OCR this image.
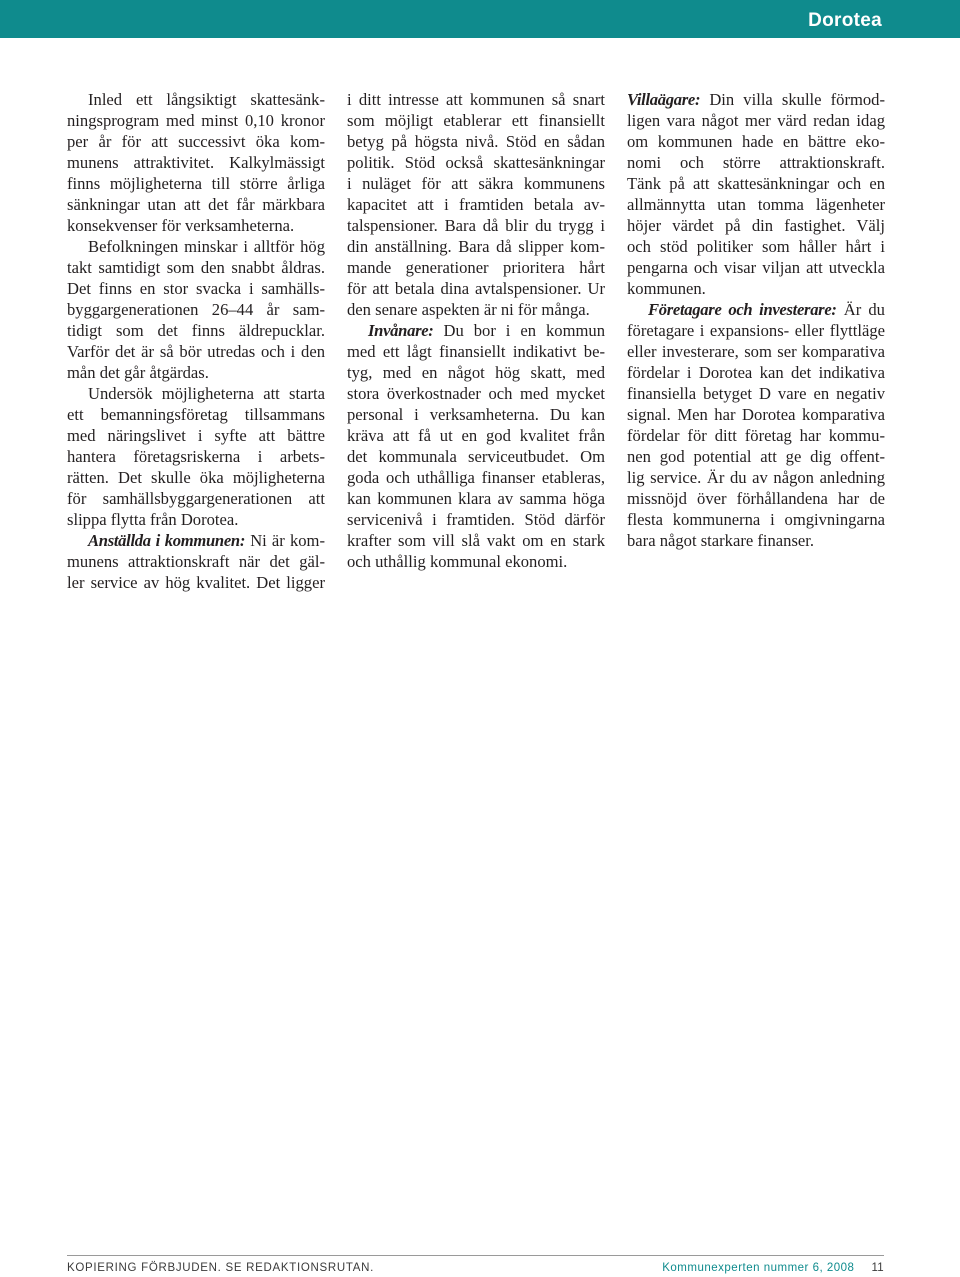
Dorotea
Inled ett långsiktigt skattesänk-
ningsprogram med minst 0,10 kronor
per år för att successivt öka kom-
munens attraktivitet. Kalkylmässigt
finns möjligheterna till större årliga
sänkningar utan att det får märkbara
konsekvenser för verksamheterna.
Befolkningen minskar i alltför hög
takt samtidigt som den snabbt åldras.
Det finns en stor svacka i samhälls-
byggargenerationen 26–44 år sam-
tidigt som det finns äldrepucklar.
Varför det är så bör utredas och i den
mån det går åtgärdas.
Undersök möjligheterna att starta
ett bemanningsföretag tillsammans
med näringslivet i syfte att bättre
hantera företagsriskerna i arbets-
rätten. Det skulle öka möjligheterna
för samhällsbyggargenerationen att
slippa flytta från Dorotea.
Anställda i kommunen: Ni är kom-
munens attraktionskraft när det gäl-
ler service av hög kvalitet. Det ligger
i ditt intresse att kommunen så snart
som möjligt etablerar ett finansiellt
betyg på högsta nivå. Stöd en sådan
politik. Stöd också skattesänkningar
i nuläget för att säkra kommunens
kapacitet att i framtiden betala av-
talspensioner. Bara då blir du trygg i
din anställning. Bara då slipper kom-
mande generationer prioritera hårt
för att betala dina avtalspensioner. Ur
den senare aspekten är ni för många.
Invånare: Du bor i en kommun
med ett lågt finansiellt indikativt be-
tyg, med en något hög skatt, med
stora överkostnader och med mycket
personal i verksamheterna. Du kan
kräva att få ut en god kvalitet från
det kommunala serviceutbudet. Om
goda och uthålliga finanser etableras,
kan kommunen klara av samma höga
servicenivå i framtiden. Stöd därför
krafter som vill slå vakt om en stark
och uthållig kommunal ekonomi.
Villaägare: Din villa skulle förmod-
ligen vara något mer värd redan idag
om kommunen hade en bättre eko-
nomi och större attraktionskraft.
Tänk på att skattesänkningar och en
allmännytta utan tomma lägenheter
höjer värdet på din fastighet. Välj
och stöd politiker som håller hårt i
pengarna och visar viljan att utveckla
kommunen.
Företagare och investerare: Är du
företagare i expansions- eller flyttläge
eller investerare, som ser komparativa
fördelar i Dorotea kan det indikativa
finansiella betyget D vare en negativ
signal. Men har Dorotea komparativa
fördelar för ditt företag har kommu-
nen god potential att ge dig offent-
lig service. Är du av någon anledning
missnöjd över förhållandena har de
flesta kommunerna i omgivningarna
bara något starkare finanser.
KOPIERING FÖRBJUDEN. SE REDAKTIONSRUTAN.	Kommunexperten nummer 6, 2008 11
